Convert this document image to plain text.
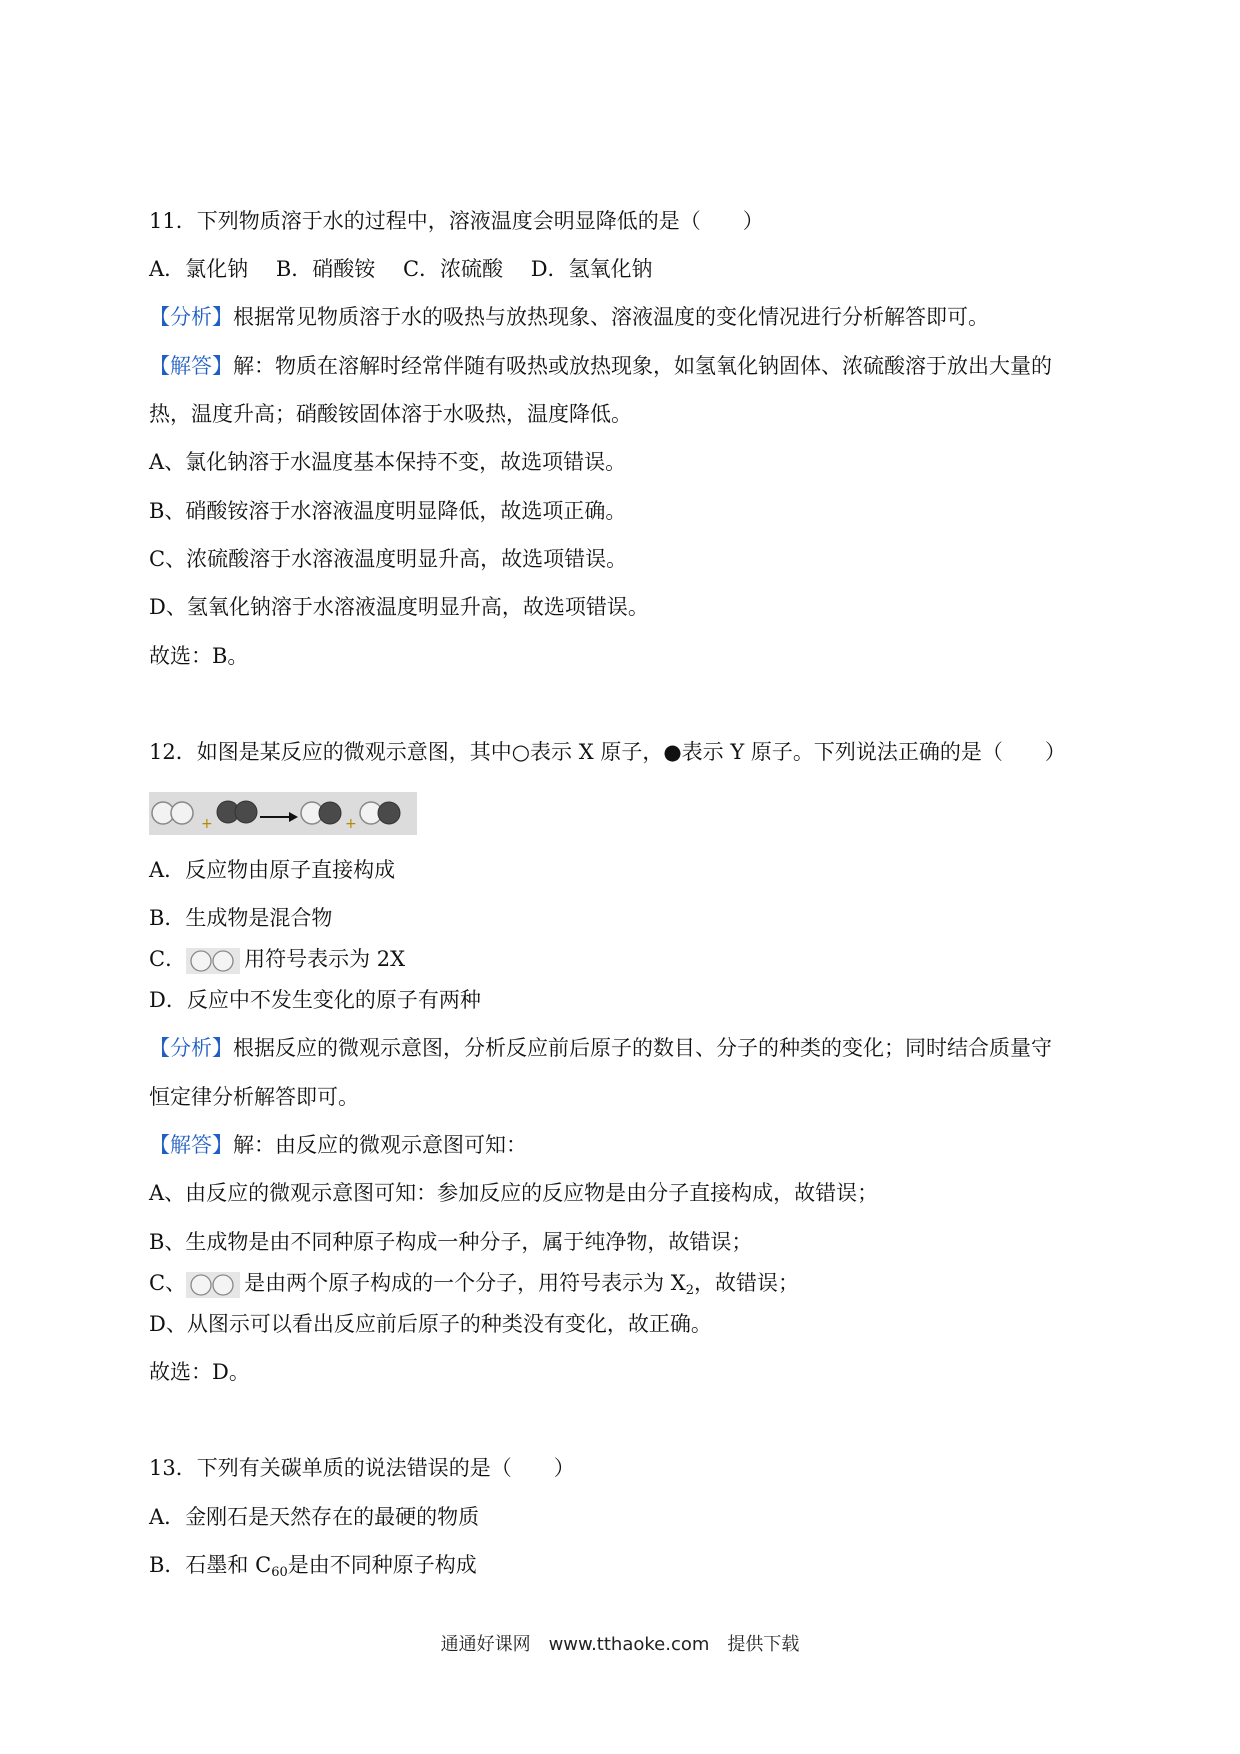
11．下列物质溶于水的过程中，溶液温度会明显降低的是（　　）
A．氯化钠　 B．硝酸铵　 C．浓硫酸　 D．氢氧化钠
【分析】根据常见物质溶于水的吸热与放热现象、溶液温度的变化情况进行分析解答即可。
【解答】解：物质在溶解时经常伴随有吸热或放热现象，如氢氧化钠固体、浓硫酸溶于放出大量的
热，温度升高；硝酸铵固体溶于水吸热，温度降低。
A、氯化钠溶于水温度基本保持不变，故选项错误。
B、硝酸铵溶于水溶液温度明显降低，故选项正确。
C、浓硫酸溶于水溶液温度明显升高，故选项错误。
D、氢氧化钠溶于水溶液温度明显升高，故选项错误。
故选：B。
12．如图是某反应的微观示意图，其中○表示 X 原子，●表示 Y 原子。下列说法正确的是（　　）
+	+
A．反应物由原子直接构成
B．生成物是混合物
C．	用符号表示为 2X
D．反应中不发生变化的原子有两种
【分析】根据反应的微观示意图，分析反应前后原子的数目、分子的种类的变化；同时结合质量守
恒定律分析解答即可。
【解答】解：由反应的微观示意图可知：
A、由反应的微观示意图可知：参加反应的反应物是由分子直接构成，故错误；
B、生成物是由不同种原子构成一种分子，属于纯净物，故错误；
C、	是由两个原子构成的一个分子，用符号表示为 $X_2$，故错误；
D、从图示可以看出反应前后原子的种类没有变化，故正确。
故选：D。
13．下列有关碳单质的说法错误的是（　　）
A．金刚石是天然存在的最硬的物质
B．石墨和 $C_{60}$是由不同种原子构成
通通好课网　www.tthaoke.com　提供下载
